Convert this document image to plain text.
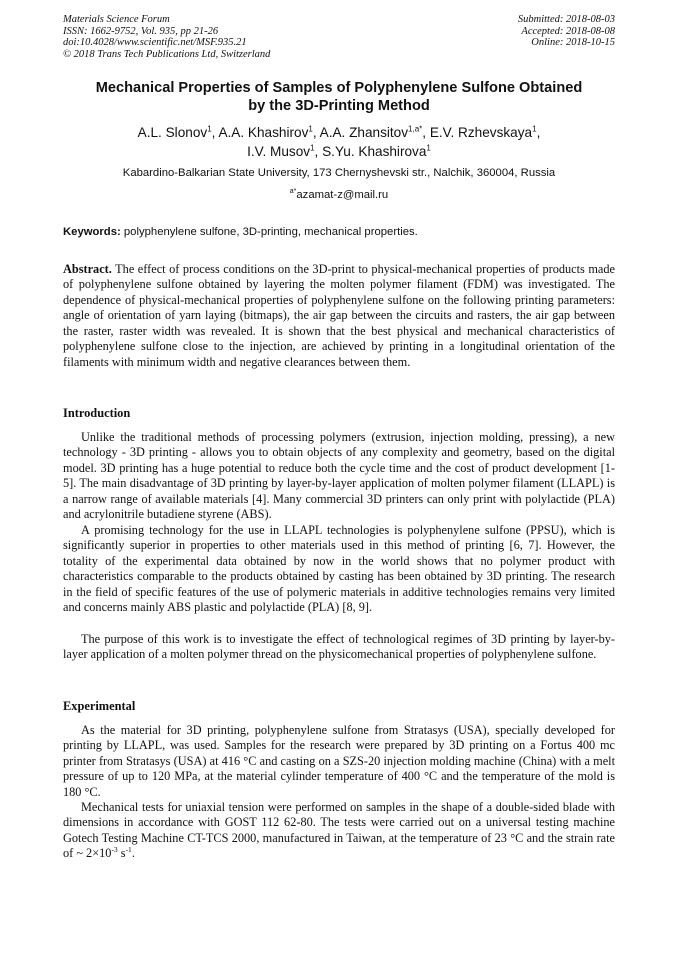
Materials Science Forum
ISSN: 1662-9752, Vol. 935, pp 21-26
doi:10.4028/www.scientific.net/MSF.935.21
© 2018 Trans Tech Publications Ltd, Switzerland
Submitted: 2018-08-03
Accepted: 2018-08-08
Online: 2018-10-15
Mechanical Properties of Samples of Polyphenylene Sulfone Obtained
by the 3D-Printing Method
A.L. Slonov$^1$, A.A. Khashirov$^1$, A.A. Zhansitov$^{1,a*}$, E.V. Rzhevskaya$^1$,
I.V. Musov$^1$, S.Yu. Khashirova$^1$
Kabardino-Balkarian State University, 173 Chernyshevski str., Nalchik, 360004, Russia
$^{a*}$azamat-z@mail.ru
Keywords: polyphenylene sulfone, 3D-printing, mechanical properties.
Abstract. The effect of process conditions on the 3D-print to physical-mechanical properties of products made of polyphenylene sulfone obtained by layering the molten polymer filament (FDM) was investigated. The dependence of physical-mechanical properties of polyphenylene sulfone on the following printing parameters: angle of orientation of yarn laying (bitmaps), the air gap between the circuits and rasters, the air gap between the raster, raster width was revealed. It is shown that the best physical and mechanical characteristics of polyphenylene sulfone close to the injection, are achieved by printing in a longitudinal orientation of the filaments with minimum width and negative clearances between them.
Introduction
Unlike the traditional methods of processing polymers (extrusion, injection molding, pressing), a new technology - 3D printing - allows you to obtain objects of any complexity and geometry, based on the digital model. 3D printing has a huge potential to reduce both the cycle time and the cost of product development [1-5]. The main disadvantage of 3D printing by layer-by-layer application of molten polymer filament (LLAPL) is a narrow range of available materials [4]. Many commercial 3D printers can only print with polylactide (PLA) and acrylonitrile butadiene styrene (ABS).
A promising technology for the use in LLAPL technologies is polyphenylene sulfone (PPSU), which is significantly superior in properties to other materials used in this method of printing [6, 7]. However, the totality of the experimental data obtained by now in the world shows that no polymer product with characteristics comparable to the products obtained by casting has been obtained by 3D printing. The research in the field of specific features of the use of polymeric materials in additive technologies remains very limited and concerns mainly ABS plastic and polylactide (PLA) [8, 9].
The purpose of this work is to investigate the effect of technological regimes of 3D printing by layer-by-layer application of a molten polymer thread on the physicomechanical properties of polyphenylene sulfone.
Experimental
As the material for 3D printing, polyphenylene sulfone from Stratasys (USA), specially developed for printing by LLAPL, was used. Samples for the research were prepared by 3D printing on a Fortus 400 mc printer from Stratasys (USA) at 416 °C and casting on a SZS-20 injection molding machine (China) with a melt pressure of up to 120 MPa, at the material cylinder temperature of 400 °C and the temperature of the mold is 180 °C.
Mechanical tests for uniaxial tension were performed on samples in the shape of a double-sided blade with dimensions in accordance with GOST 112 62-80. The tests were carried out on a universal testing machine Gotech Testing Machine CT-TCS 2000, manufactured in Taiwan, at the temperature of 23 °C and the strain rate of ~ $2\times 10^{-3}$ $s^{-1}$.
